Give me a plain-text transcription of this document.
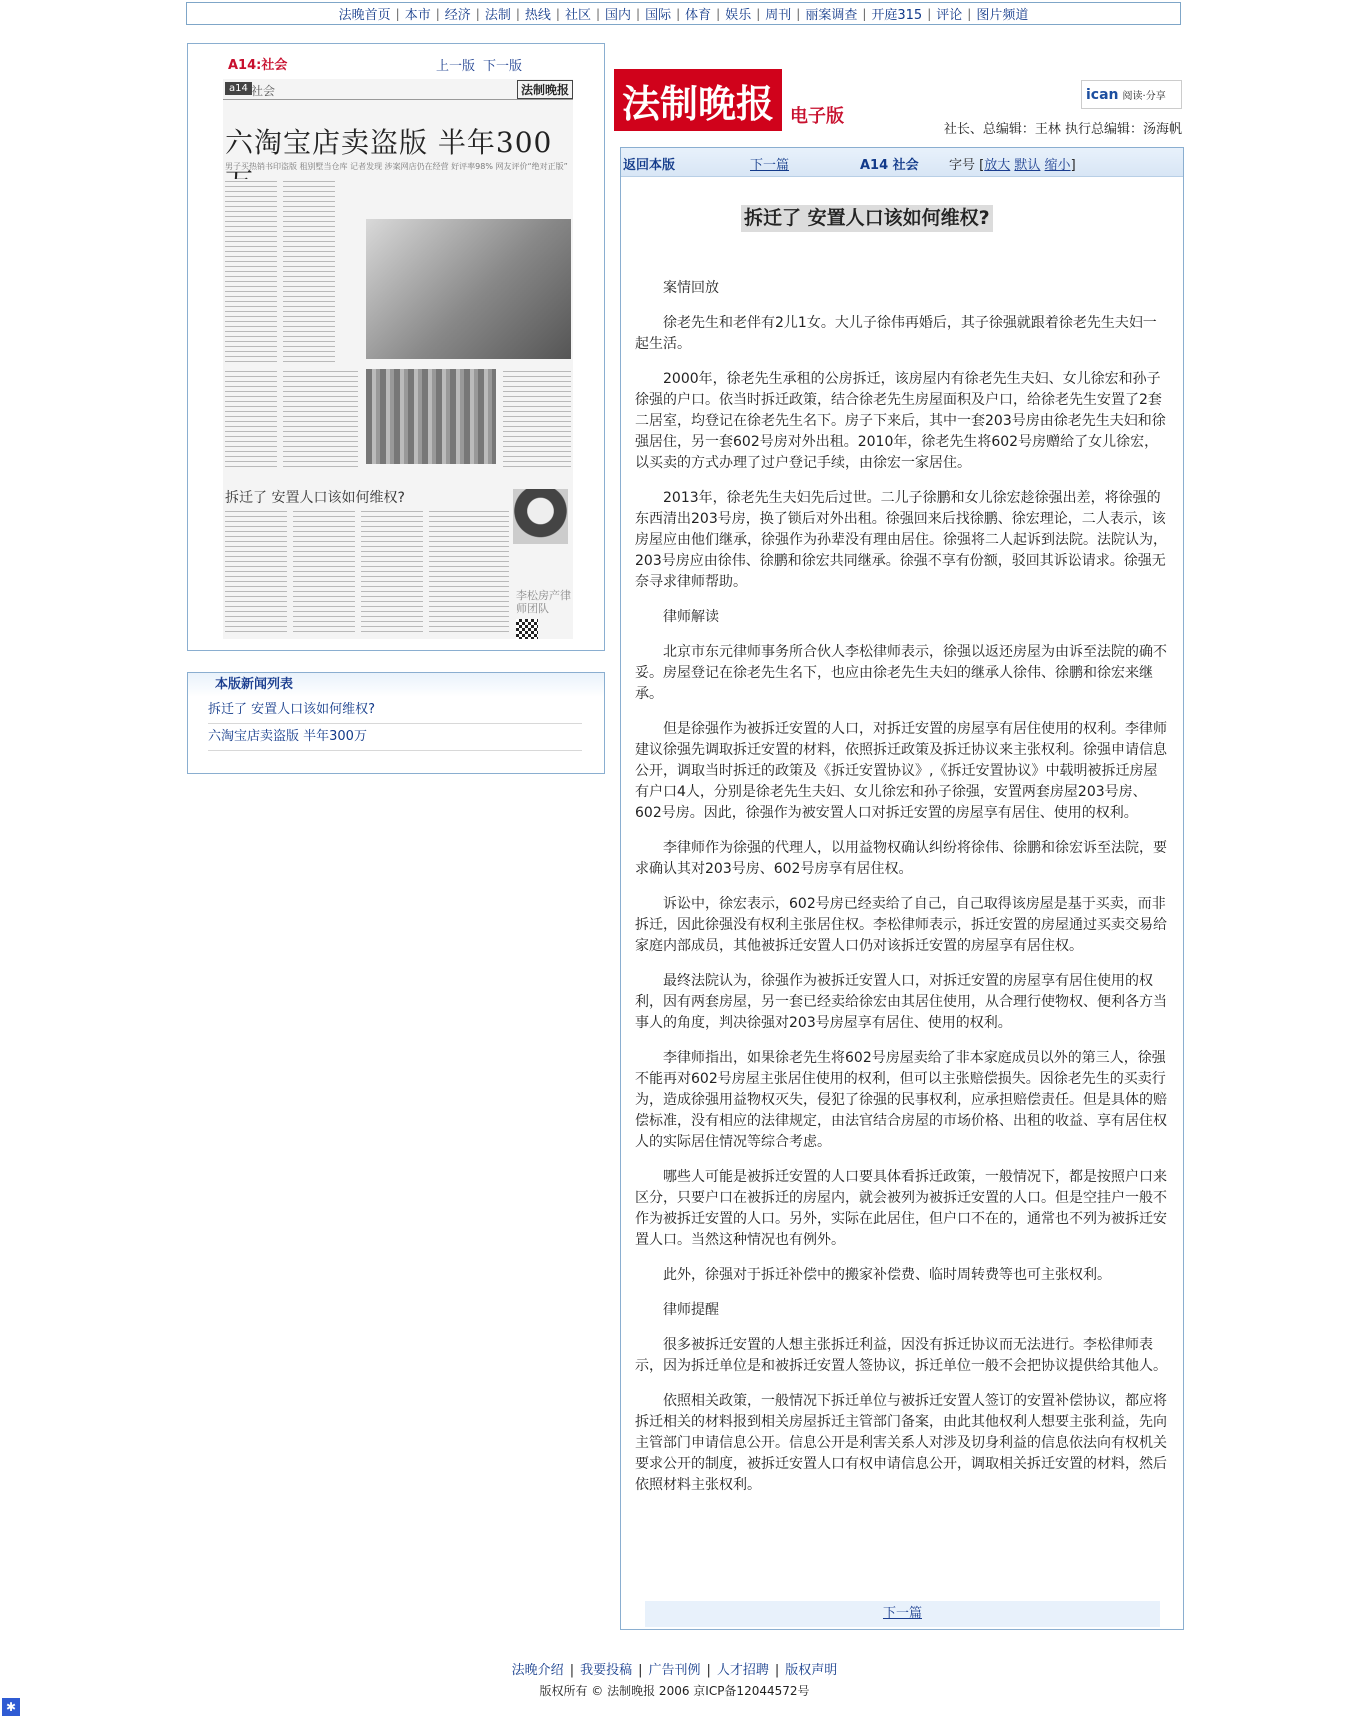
法晚首页 | 本市 | 经济 | 法制 | 热线 | 社区 | 国内 | 国际 | 体育 | 娱乐 | 周刊 | 丽案调查 | 开庭315 | 评论 | 图片频道
A14:社会	上一版 下一版
a14 社会	法制晚报
六淘宝店卖盗版 半年300
男子买热销书印盗版 租别墅当仓库 记者发现 涉案网店仍在经营 好评率98% 网友评价“绝对正版”
拆迁了 安置人口该如何维权?
李松房产律师团队
本版新闻列表
拆迁了 安置人口该如何维权?
六淘宝店卖盗版 半年300万
法制晚报 电子版
ican 阅读·分享
社长、总编辑：王林 执行总编辑：汤海帆
返回本版	下一篇	A14 社会 字号 [放大 默认 缩小]
拆迁了 安置人口该如何维权?

案情回放

徐老先生和老伴有2儿1女。大儿子徐伟再婚后，其子徐强就跟着徐老先生夫妇一起生活。

2000年，徐老先生承租的公房拆迁，该房屋内有徐老先生夫妇、女儿徐宏和孙子徐强的户口。依当时拆迁政策，结合徐老先生房屋面积及户口，给徐老先生安置了2套二居室，均登记在徐老先生名下。房子下来后，其中一套203号房由徐老先生夫妇和徐强居住，另一套602号房对外出租。2010年，徐老先生将602号房赠给了女儿徐宏，以买卖的方式办理了过户登记手续，由徐宏一家居住。

2013年，徐老先生夫妇先后过世。二儿子徐鹏和女儿徐宏趁徐强出差，将徐强的东西清出203号房，换了锁后对外出租。徐强回来后找徐鹏、徐宏理论，二人表示，该房屋应由他们继承，徐强作为孙辈没有理由居住。徐强将二人起诉到法院。法院认为，203号房应由徐伟、徐鹏和徐宏共同继承。徐强不享有份额，驳回其诉讼请求。徐强无奈寻求律师帮助。

律师解读

北京市东元律师事务所合伙人李松律师表示，徐强以返还房屋为由诉至法院的确不妥。房屋登记在徐老先生名下，也应由徐老先生夫妇的继承人徐伟、徐鹏和徐宏来继承。

但是徐强作为被拆迁安置的人口，对拆迁安置的房屋享有居住使用的权利。李律师建议徐强先调取拆迁安置的材料，依照拆迁政策及拆迁协议来主张权利。徐强申请信息公开，调取当时拆迁的政策及《拆迁安置协议》,《拆迁安置协议》中载明被拆迁房屋有户口4人，分别是徐老先生夫妇、女儿徐宏和孙子徐强，安置两套房屋203号房、602号房。因此，徐强作为被安置人口对拆迁安置的房屋享有居住、使用的权利。

李律师作为徐强的代理人，以用益物权确认纠纷将徐伟、徐鹏和徐宏诉至法院，要求确认其对203号房、602号房享有居住权。

诉讼中，徐宏表示，602号房已经卖给了自己，自己取得该房屋是基于买卖，而非拆迁，因此徐强没有权利主张居住权。李松律师表示，拆迁安置的房屋通过买卖交易给家庭内部成员，其他被拆迁安置人口仍对该拆迁安置的房屋享有居住权。

最终法院认为，徐强作为被拆迁安置人口，对拆迁安置的房屋享有居住使用的权利，因有两套房屋，另一套已经卖给徐宏由其居住使用，从合理行使物权、便利各方当事人的角度，判决徐强对203号房屋享有居住、使用的权利。

李律师指出，如果徐老先生将602号房屋卖给了非本家庭成员以外的第三人，徐强不能再对602号房屋主张居住使用的权利，但可以主张赔偿损失。因徐老先生的买卖行为，造成徐强用益物权灭失，侵犯了徐强的民事权利，应承担赔偿责任。但是具体的赔偿标准，没有相应的法律规定，由法官结合房屋的市场价格、出租的收益、享有居住权人的实际居住情况等综合考虑。

哪些人可能是被拆迁安置的人口要具体看拆迁政策，一般情况下，都是按照户口来区分，只要户口在被拆迁的房屋内，就会被列为被拆迁安置的人口。但是空挂户一般不作为被拆迁安置的人口。另外，实际在此居住，但户口不在的，通常也不列为被拆迁安置人口。当然这种情况也有例外。

此外，徐强对于拆迁补偿中的搬家补偿费、临时周转费等也可主张权利。

律师提醒

很多被拆迁安置的人想主张拆迁利益，因没有拆迁协议而无法进行。李松律师表示，因为拆迁单位是和被拆迁安置人签协议，拆迁单位一般不会把协议提供给其他人。

依照相关政策，一般情况下拆迁单位与被拆迁安置人签订的安置补偿协议，都应将拆迁相关的材料报到相关房屋拆迁主管部门备案，由此其他权利人想要主张利益，先向主管部门申请信息公开。信息公开是利害关系人对涉及切身利益的信息依法向有权机关要求公开的制度，被拆迁安置人口有权申请信息公开，调取相关拆迁安置的材料，然后依照材料主张权利。

下一篇
法晚介绍 | 我要投稿 | 广告刊例 | 人才招聘 | 版权声明
版权所有 © 法制晚报 2006 京ICP备12044572号
✱
